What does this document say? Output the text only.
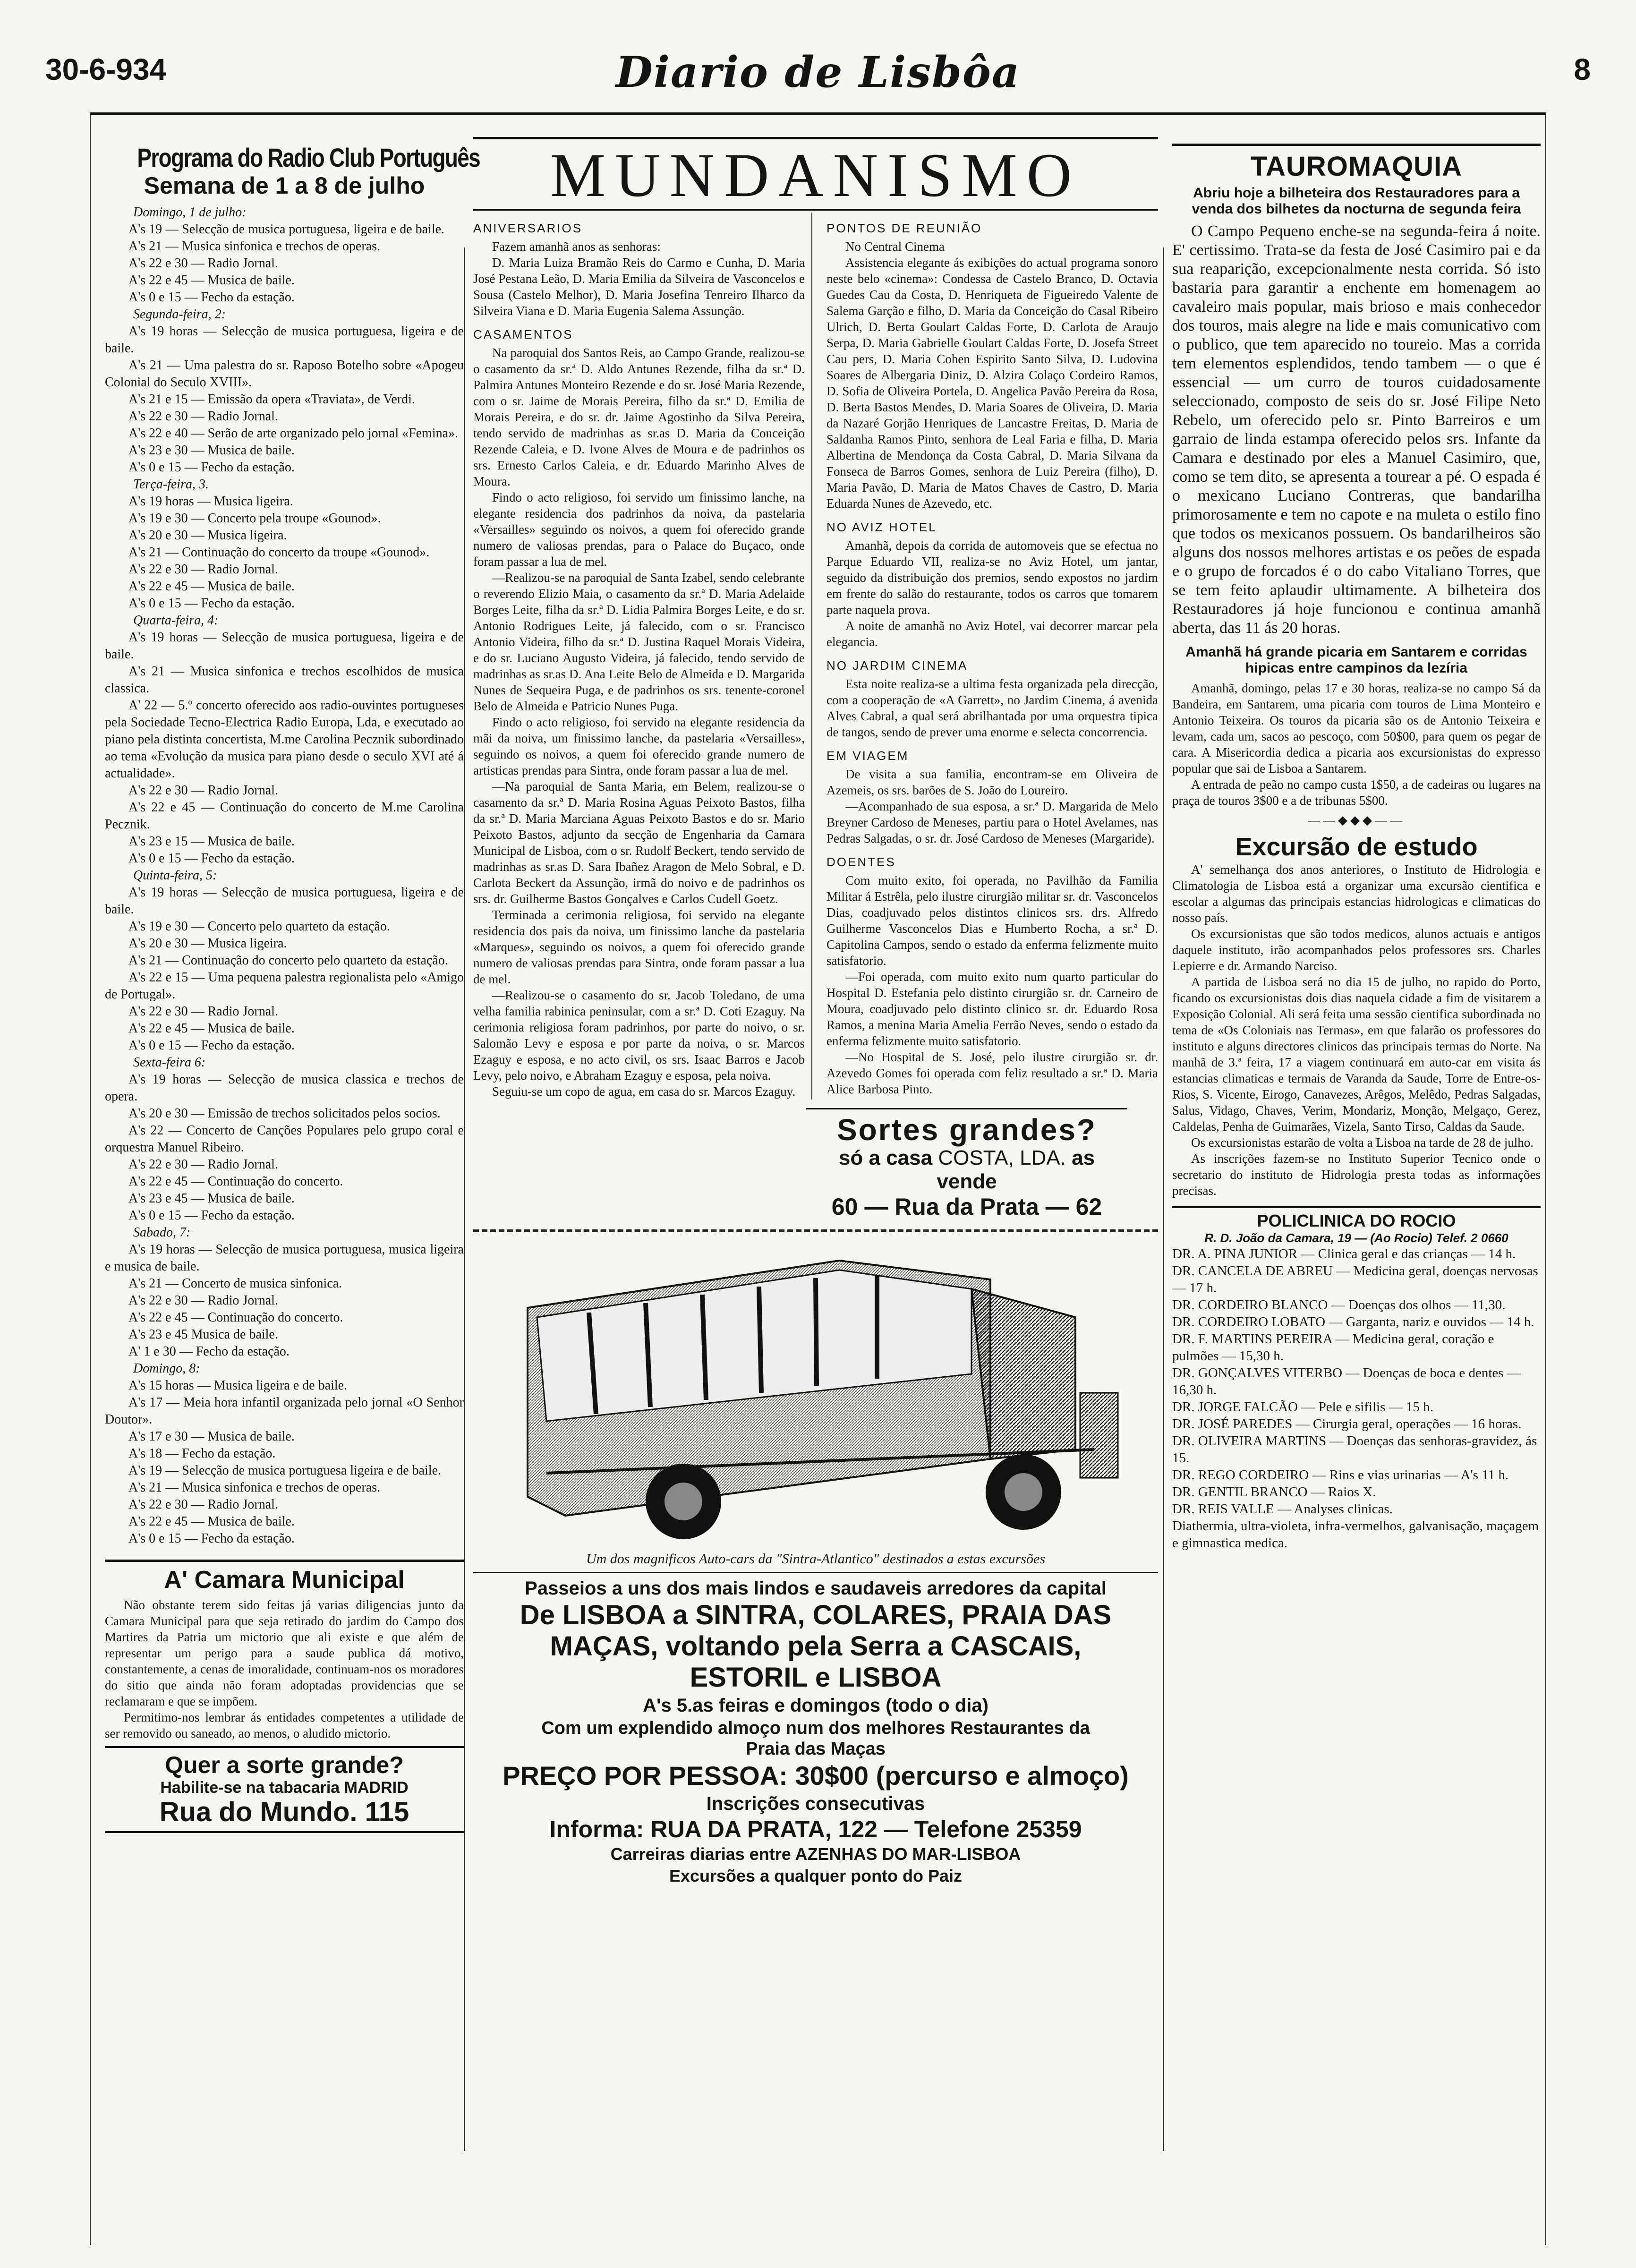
30-6-934	Diario de Lisbôa	8
Programa do Radio Club Português
Semana de 1 a 8 de julho

Domingo, 1 de julho:

A's 19 — Selecção de musica portuguesa, ligeira e de baile.

A's 21 — Musica sinfonica e trechos de operas.

A's 22 e 30 — Radio Jornal.

A's 22 e 45 — Musica de baile.

A's 0 e 15 — Fecho da estação.

Segunda-feira, 2:

A's 19 horas — Selecção de musica portuguesa, ligeira e de baile.

A's 21 — Uma palestra do sr. Raposo Botelho sobre «Apogeu Colonial do Seculo XVIII».

A's 21 e 15 — Emissão da opera «Traviata», de Verdi.

A's 22 e 30 — Radio Jornal.

A's 22 e 40 — Serão de arte organizado pelo jornal «Femina».

A's 23 e 30 — Musica de baile.

A's 0 e 15 — Fecho da estação.

Terça-feira, 3.

A's 19 horas — Musica ligeira.

A's 19 e 30 — Concerto pela troupe «Gounod».

A's 20 e 30 — Musica ligeira.

A's 21 — Continuação do concerto da troupe «Gounod».

A's 22 e 30 — Radio Jornal.

A's 22 e 45 — Musica de baile.

A's 0 e 15 — Fecho da estação.

Quarta-feira, 4:

A's 19 horas — Selecção de musica portuguesa, ligeira e de baile.

A's 21 — Musica sinfonica e trechos escolhidos de musica classica.

A' 22 — 5.º concerto oferecido aos radio-ouvintes portugueses pela Sociedade Tecno-Electrica Radio Europa, Lda, e executado ao piano pela distinta concertista, M.me Carolina Pecznik subordinado ao tema «Evolução da musica para piano desde o seculo XVI até á actualidade».

A's 22 e 30 — Radio Jornal.

A's 22 e 45 — Continuação do concerto de M.me Carolina Pecznik.

A's 23 e 15 — Musica de baile.

A's 0 e 15 — Fecho da estação.

Quinta-feira, 5:

A's 19 horas — Selecção de musica portuguesa, ligeira e de baile.

A's 19 e 30 — Concerto pelo quarteto da estação.

A's 20 e 30 — Musica ligeira.

A's 21 — Continuação do concerto pelo quarteto da estação.

A's 22 e 15 — Uma pequena palestra regionalista pelo «Amigo de Portugal».

A's 22 e 30 — Radio Jornal.

A's 22 e 45 — Musica de baile.

A's 0 e 15 — Fecho da estação.

Sexta-feira 6:

A's 19 horas — Selecção de musica classica e trechos de opera.

A's 20 e 30 — Emissão de trechos solicitados pelos socios.

A's 22 — Concerto de Canções Populares pelo grupo coral e orquestra Manuel Ribeiro.

A's 22 e 30 — Radio Jornal.

A's 22 e 45 — Continuação do concerto.

A's 23 e 45 — Musica de baile.

A's 0 e 15 — Fecho da estação.

Sabado, 7:

A's 19 horas — Selecção de musica portuguesa, musica ligeira e musica de baile.

A's 21 — Concerto de musica sinfonica.

A's 22 e 30 — Radio Jornal.

A's 22 e 45 — Continuação do concerto.

A's 23 e 45 Musica de baile.

A' 1 e 30 — Fecho da estação.

Domingo, 8:

A's 15 horas — Musica ligeira e de baile.

A's 17 — Meia hora infantil organizada pelo jornal «O Senhor Doutor».

A's 17 e 30 — Musica de baile.

A's 18 — Fecho da estação.

A's 19 — Selecção de musica portuguesa ligeira e de baile.

A's 21 — Musica sinfonica e trechos de operas.

A's 22 e 30 — Radio Jornal.

A's 22 e 45 — Musica de baile.

A's 0 e 15 — Fecho da estação.

A' Camara Municipal

Não obstante terem sido feitas já varias diligencias junto da Camara Municipal para que seja retirado do jardim do Campo dos Martires da Patria um mictorio que ali existe e que além de representar um perigo para a saude publica dá motivo, constantemente, a cenas de imoralidade, continuam-nos os moradores do sitio que ainda não foram adoptadas providencias que se reclamaram e que se impõem.

Permitimo-nos lembrar ás entidades competentes a utilidade de ser removido ou saneado, ao menos, o aludido mictorio.

Quer a sorte grande?
Habilite-se na tabacaria MADRID
Rua do Mundo. 115
MUNDANISMO
ANIVERSARIOS

Fazem amanhã anos as senhoras:

D. Maria Luiza Bramão Reis do Carmo e Cunha, D. Maria José Pestana Leão, D. Maria Emilia da Silveira de Vasconcelos e Sousa (Castelo Melhor), D. Maria Josefina Tenreiro Ilharco da Silveira Viana e D. Maria Eugenia Salema Assunção.

CASAMENTOS

Na paroquial dos Santos Reis, ao Campo Grande, realizou-se o casamento da sr.ª D. Aldo Antunes Rezende, filha da sr.ª D. Palmira Antunes Monteiro Rezende e do sr. José Maria Rezende, com o sr. Jaime de Morais Pereira, filho da sr.ª D. Emilia de Morais Pereira, e do sr. dr. Jaime Agostinho da Silva Pereira, tendo servido de madrinhas as sr.as D. Maria da Conceição Rezende Caleia, e D. Ivone Alves de Moura e de padrinhos os srs. Ernesto Carlos Caleia, e dr. Eduardo Marinho Alves de Moura.

Findo o acto religioso, foi servido um finissimo lanche, na elegante residencia dos padrinhos da noiva, da pastelaria «Versailles» seguindo os noivos, a quem foi oferecido grande numero de valiosas prendas, para o Palace do Buçaco, onde foram passar a lua de mel.

—Realizou-se na paroquial de Santa Izabel, sendo celebrante o reverendo Elizio Maia, o casamento da sr.ª D. Maria Adelaide Borges Leite, filha da sr.ª D. Lidia Palmira Borges Leite, e do sr. Antonio Rodrigues Leite, já falecido, com o sr. Francisco Antonio Videira, filho da sr.ª D. Justina Raquel Morais Videira, e do sr. Luciano Augusto Videira, já falecido, tendo servido de madrinhas as sr.as D. Ana Leite Belo de Almeida e D. Margarida Nunes de Sequeira Puga, e de padrinhos os srs. tenente-coronel Belo de Almeida e Patricio Nunes Puga.

Findo o acto religioso, foi servido na elegante residencia da mãi da noiva, um finissimo lanche, da pastelaria «Versailles», seguindo os noivos, a quem foi oferecido grande numero de artisticas prendas para Sintra, onde foram passar a lua de mel.

—Na paroquial de Santa Maria, em Belem, realizou-se o casamento da sr.ª D. Maria Rosina Aguas Peixoto Bastos, filha da sr.ª D. Maria Marciana Aguas Peixoto Bastos e do sr. Mario Peixoto Bastos, adjunto da secção de Engenharia da Camara Municipal de Lisboa, com o sr. Rudolf Beckert, tendo servido de madrinhas as sr.as D. Sara Ibañez Aragon de Melo Sobral, e D. Carlota Beckert da Assunção, irmã do noivo e de padrinhos os srs. dr. Guilherme Bastos Gonçalves e Carlos Cudell Goetz.

Terminada a cerimonia religiosa, foi servido na elegante residencia dos pais da noiva, um finissimo lanche da pastelaria «Marques», seguindo os noivos, a quem foi oferecido grande numero de valiosas prendas para Sintra, onde foram passar a lua de mel.

—Realizou-se o casamento do sr. Jacob Toledano, de uma velha familia rabinica peninsular, com a sr.ª D. Coti Ezaguy. Na cerimonia religiosa foram padrinhos, por parte do noivo, o sr. Salomão Levy e esposa e por parte da noiva, o sr. Marcos Ezaguy e esposa, e no acto civil, os srs. Isaac Barros e Jacob Levy, pelo noivo, e Abraham Ezaguy e esposa, pela noiva.

Seguiu-se um copo de agua, em casa do sr. Marcos Ezaguy.

PONTOS DE REUNIÃO

No Central Cinema

Assistencia elegante ás exibições do actual programa sonoro neste belo «cinema»: Condessa de Castelo Branco, D. Octavia Guedes Cau da Costa, D. Henriqueta de Figueiredo Valente de Salema Garção e filho, D. Maria da Conceição do Casal Ribeiro Ulrich, D. Berta Goulart Caldas Forte, D. Carlota de Araujo Serpa, D. Maria Gabrielle Goulart Caldas Forte, D. Josefa Street Cau pers, D. Maria Cohen Espirito Santo Silva, D. Ludovina Soares de Albergaria Diniz, D. Alzira Colaço Cordeiro Ramos, D. Sofia de Oliveira Portela, D. Angelica Pavão Pereira da Rosa, D. Berta Bastos Mendes, D. Maria Soares de Oliveira, D. Maria da Nazaré Gorjão Henriques de Lancastre Freitas, D. Maria de Saldanha Ramos Pinto, senhora de Leal Faria e filha, D. Maria Albertina de Mendonça da Costa Cabral, D. Maria Silvana da Fonseca de Barros Gomes, senhora de Luiz Pereira (filho), D. Maria Pavão, D. Maria de Matos Chaves de Castro, D. Maria Eduarda Nunes de Azevedo, etc.

NO AVIZ HOTEL

Amanhã, depois da corrida de automoveis que se efectua no Parque Eduardo VII, realiza-se no Aviz Hotel, um jantar, seguido da distribuição dos premios, sendo expostos no jardim em frente do salão do restaurante, todos os carros que tomarem parte naquela prova.

A noite de amanhã no Aviz Hotel, vai decorrer marcar pela elegancia.

NO JARDIM CINEMA

Esta noite realiza-se a ultima festa organizada pela direcção, com a cooperação de «A Garrett», no Jardim Cinema, á avenida Alves Cabral, a qual será abrilhantada por uma orquestra tipica de tangos, sendo de prever uma enorme e selecta concorrencia.

EM VIAGEM

De visita a sua familia, encontram-se em Oliveira de Azemeis, os srs. barões de S. João do Loureiro.

—Acompanhado de sua esposa, a sr.ª D. Margarida de Melo Breyner Cardoso de Meneses, partiu para o Hotel Avelames, nas Pedras Salgadas, o sr. dr. José Cardoso de Meneses (Margaride).

DOENTES

Com muito exito, foi operada, no Pavilhão da Familia Militar á Estrêla, pelo ilustre cirurgião militar sr. dr. Vasconcelos Dias, coadjuvado pelos distintos clinicos srs. drs. Alfredo Guilherme Vasconcelos Dias e Humberto Rocha, a sr.ª D. Capitolina Campos, sendo o estado da enferma felizmente muito satisfatorio.

—Foi operada, com muito exito num quarto particular do Hospital D. Estefania pelo distinto cirurgião sr. dr. Carneiro de Moura, coadjuvado pelo distinto clinico sr. dr. Eduardo Rosa Ramos, a menina Maria Amelia Ferrão Neves, sendo o estado da enferma felizmente muito satisfatorio.

—No Hospital de S. José, pelo ilustre cirurgião sr. dr. Azevedo Gomes foi operada com feliz resultado a sr.ª D. Maria Alice Barbosa Pinto.

Sortes grandes?
só a casa COSTA, LDA. as vende
60 — Rua da Prata — 62
Um dos magnificos Auto-cars da "Sintra-Atlantico" destinados a estas excursões
Passeios a uns dos mais lindos e saudaveis arredores da capital
De LISBOA a SINTRA, COLARES, PRAIA DAS MAÇAS, voltando pela Serra a CASCAIS, ESTORIL e LISBOA
A's 5.as feiras e domingos (todo o dia)
Com um explendido almoço num dos melhores Restaurantes da Praia das Maças
PREÇO POR PESSOA: 30$00 (percurso e almoço)
Inscrições consecutivas
Informa: RUA DA PRATA, 122 — Telefone 25359
Carreiras diarias entre AZENHAS DO MAR-LISBOA
Excursões a qualquer ponto do Paiz
TAUROMAQUIA
Abriu hoje a bilheteira dos Restauradores para a venda dos bilhetes da nocturna de segunda feira

O Campo Pequeno enche-se na segunda-feira á noite. E' certissimo. Trata-se da festa de José Casimiro pai e da sua reaparição, excepcionalmente nesta corrida. Só isto bastaria para garantir a enchente em homenagem ao cavaleiro mais popular, mais brioso e mais conhecedor dos touros, mais alegre na lide e mais comunicativo com o publico, que tem aparecido no toureio. Mas a corrida tem elementos esplendidos, tendo tambem — o que é essencial — um curro de touros cuidadosamente seleccionado, composto de seis do sr. José Filipe Neto Rebelo, um oferecido pelo sr. Pinto Barreiros e um garraio de linda estampa oferecido pelos srs. Infante da Camara e destinado por eles a Manuel Casimiro, que, como se tem dito, se apresenta a tourear a pé. O espada é o mexicano Luciano Contreras, que bandarilha primorosamente e tem no capote e na muleta o estilo fino que todos os mexicanos possuem. Os bandarilheiros são alguns dos nossos melhores artistas e os peões de espada e o grupo de forcados é o do cabo Vitaliano Torres, que se tem feito aplaudir ultimamente. A bilheteira dos Restauradores já hoje funcionou e continua amanhã aberta, das 11 ás 20 horas.

Amanhã há grande picaria em Santarem e corridas hipicas entre campinos da lezíria

Amanhã, domingo, pelas 17 e 30 horas, realiza-se no campo Sá da Bandeira, em Santarem, uma picaria com touros de Lima Monteiro e Antonio Teixeira. Os touros da picaria são os de Antonio Teixeira e levam, cada um, sacos ao pescoço, com 50$00, para quem os pegar de cara. A Misericordia dedica a picaria aos excursionistas do expresso popular que sai de Lisboa a Santarem.

A entrada de peão no campo custa 1$50, a de cadeiras ou lugares na praça de touros 3$00 e a de tribunas 5$00.

——◆◆◆——
Excursão de estudo

A' semelhança dos anos anteriores, o Instituto de Hidrologia e Climatologia de Lisboa está a organizar uma excursão cientifica e escolar a algumas das principais estancias hidrologicas e climaticas do nosso país.

Os excursionistas que são todos medicos, alunos actuais e antigos daquele instituto, irão acompanhados pelos professores srs. Charles Lepierre e dr. Armando Narciso.

A partida de Lisboa será no dia 15 de julho, no rapido do Porto, ficando os excursionistas dois dias naquela cidade a fim de visitarem a Exposição Colonial. Ali será feita uma sessão cientifica subordinada no tema de «Os Coloniais nas Termas», em que falarão os professores do instituto e alguns directores clinicos das principais termas do Norte. Na manhã de 3.ª feira, 17 a viagem continuará em auto-car em visita ás estancias climaticas e termais de Varanda da Saude, Torre de Entre-os-Rios, S. Vicente, Eirogo, Canavezes, Arêgos, Melêdo, Pedras Salgadas, Salus, Vidago, Chaves, Verim, Mondariz, Monção, Melgaço, Gerez, Caldelas, Penha de Guimarães, Vizela, Santo Tirso, Caldas da Saude.

Os excursionistas estarão de volta a Lisboa na tarde de 28 de julho.

As inscrições fazem-se no Instituto Superior Tecnico onde o secretario do instituto de Hidrologia presta todas as informações precisas.

POLICLINICA DO ROCIO
R. D. João da Camara, 19 — (Ao Rocio) Telef. 2 0660

DR. A. PINA JUNIOR — Clinica geral e das crianças — 14 h.

DR. CANCELA DE ABREU — Medicina geral, doenças nervosas — 17 h.

DR. CORDEIRO BLANCO — Doenças dos olhos — 11,30.

DR. CORDEIRO LOBATO — Garganta, nariz e ouvidos — 14 h.

DR. F. MARTINS PEREIRA — Medicina geral, coração e pulmões — 15,30 h.

DR. GONÇALVES VITERBO — Doenças de boca e dentes — 16,30 h.

DR. JORGE FALCÃO — Pele e sifilis — 15 h.

DR. JOSÉ PAREDES — Cirurgia geral, operações — 16 horas.

DR. OLIVEIRA MARTINS — Doenças das senhoras-gravidez, ás 15.

DR. REGO CORDEIRO — Rins e vias urinarias — A's 11 h.

DR. GENTIL BRANCO — Raios X.

DR. REIS VALLE — Analyses clinicas.

Diathermia, ultra-violeta, infra-vermelhos, galvanisação, maçagem e gimnastica medica.
